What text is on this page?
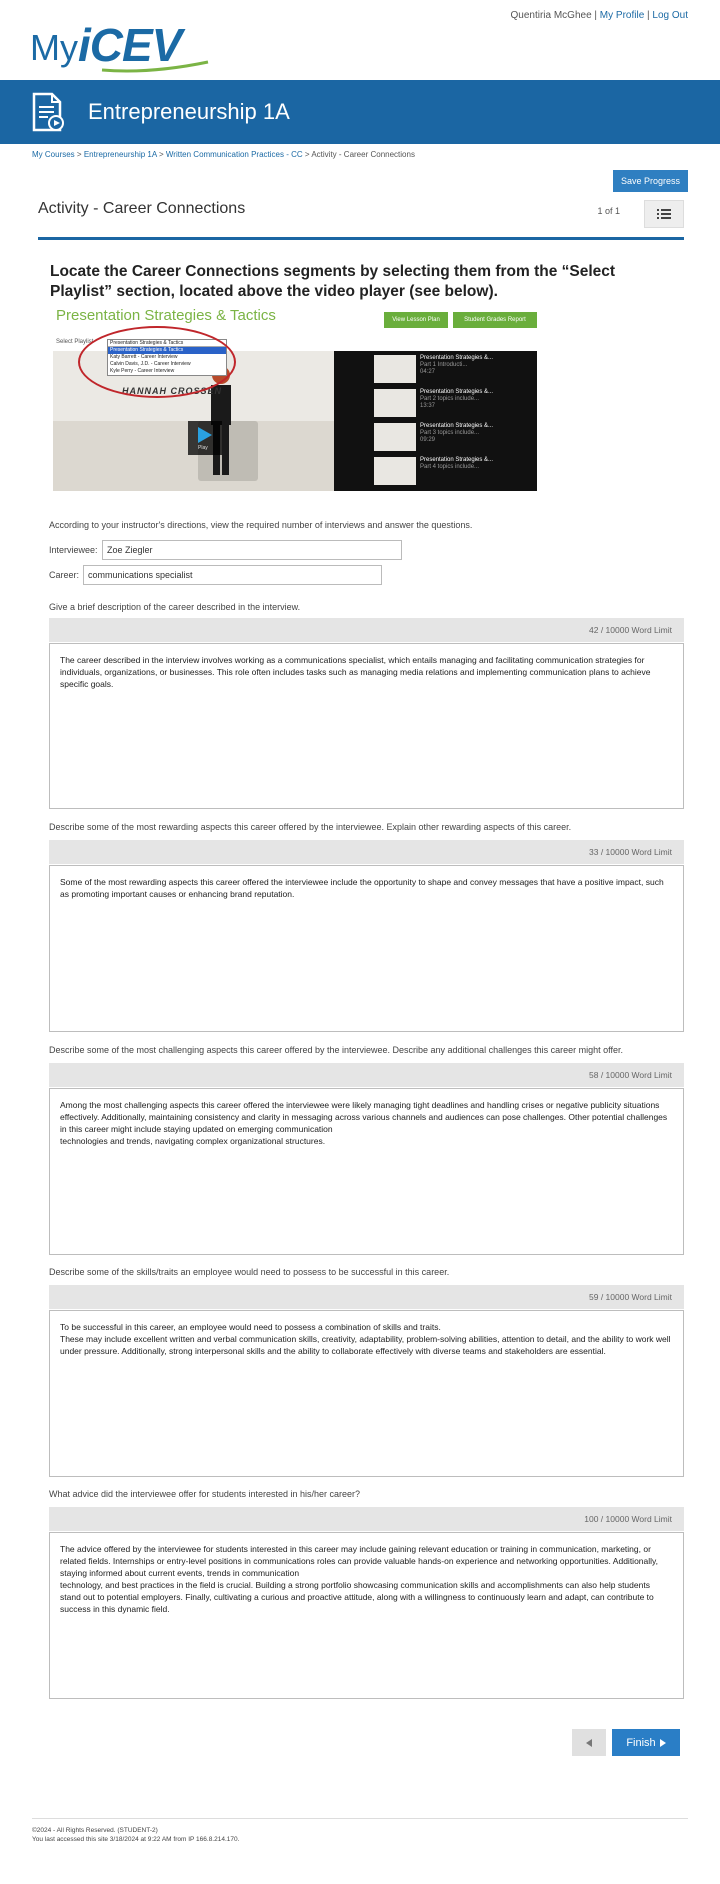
My iCEV
Quentiria McGhee | My Profile | Log Out
Entrepreneurship 1A
My Courses > Entrepreneurship 1A > Written Communication Practices - CC > Activity - Career Connections
Save Progress
Activity - Career Connections	1 of 1
Locate the Career Connections segments by selecting them from the “Select Playlist” section, located above the video player (see below).
Presentation Strategies & Tactics	View Lesson Plan	Student Grades Report
Play
Presentation Strategies &...
Part 1 Introducti...
04:27
Presentation Strategies &...
Part 2 topics include...
13:37
Presentation Strategies &...
Part 3 topics include...
09:29
Presentation Strategies &...
Part 4 topics include...
HANNAH CROSSEN
Select Playlist	Presentation Strategies & Tactics
Presentation Strategies & Tactics
Katy Barrett - Career Interview
Calvin Davis, J.D. - Career Interview
Kyle Perry - Career Interview
According to your instructor's directions, view the required number of interviews and answer the questions.
Interviewee:	Zoe Ziegler
Career: communications specialist
Give a brief description of the career described in the interview.
42 / 10000 Word Limit
The career described in the interview involves working as a communications specialist, which entails managing and facilitating communication strategies for individuals, organizations, or businesses. This role often includes tasks such as managing media relations and implementing communication plans to achieve specific goals.
Describe some of the most rewarding aspects this career offered by the interviewee. Explain other rewarding aspects of this career.
33 / 10000 Word Limit
Some of the most rewarding aspects this career offered the interviewee include the opportunity to shape and convey messages that have a positive impact, such as promoting important causes or enhancing brand reputation.
Describe some of the most challenging aspects this career offered by the interviewee. Describe any additional challenges this career might offer.
58 / 10000 Word Limit
Among the most challenging aspects this career offered the interviewee were likely managing tight deadlines and handling crises or negative publicity situations effectively. Additionally, maintaining consistency and clarity in messaging across various channels and audiences can pose challenges. Other potential challenges in this career might include staying updated on emerging communication
technologies and trends, navigating complex organizational structures.
Describe some of the skills/traits an employee would need to possess to be successful in this career.
59 / 10000 Word Limit
To be successful in this career, an employee would need to possess a combination of skills and traits.
These may include excellent written and verbal communication skills, creativity, adaptability, problem-solving abilities, attention to detail, and the ability to work well under pressure. Additionally, strong interpersonal skills and the ability to collaborate effectively with diverse teams and stakeholders are essential.
What advice did the interviewee offer for students interested in his/her career?
100 / 10000 Word Limit
The advice offered by the interviewee for students interested in this career may include gaining relevant education or training in communication, marketing, or related fields. Internships or entry-level positions in communications roles can provide valuable hands-on experience and networking opportunities. Additionally, staying informed about current events, trends in communication
technology, and best practices in the field is crucial. Building a strong portfolio showcasing communication skills and accomplishments can also help students stand out to potential employers. Finally, cultivating a curious and proactive attitude, along with a willingness to continuously learn and adapt, can contribute to success in this dynamic field.
Finish
©2024 - All Rights Reserved. (STUDENT-2)
You last accessed this site 3/18/2024 at 9:22 AM from IP 166.8.214.170.
